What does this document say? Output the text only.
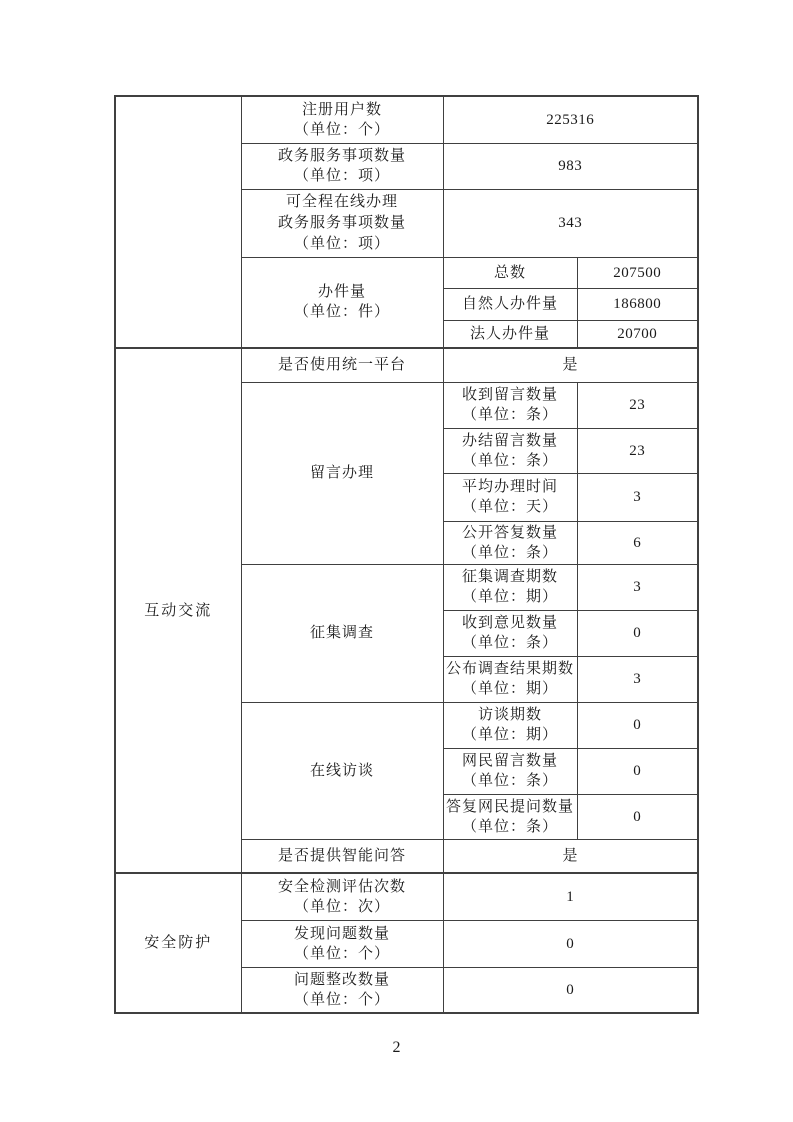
	注册用户数
（单位：个）	225316	

	政务服务事项数量
（单位：项）	983	

	可全程在线办理
政务服务事项数量
（单位：项）	343	

	办件量
（单位：件）	总数	207500
		自然人办件量	186800
		法人办件量	20700
互动交流	是否使用统一平台	是	
	留言办理	收到留言数量
（单位：条）	23

		办结留言数量
（单位：条）	23

		平均办理时间
（单位：天）	3

		公开答复数量
（单位：条）	6
	征集调查	征集调查期数
（单位：期）	3

		收到意见数量
（单位：条）	0

		公布调查结果期数
（单位：期）	3
	在线访谈	访谈期数
（单位：期）	0

		网民留言数量
（单位：条）	0

		答复网民提问数量
（单位：条）	0
	是否提供智能问答	是	
安全防护	安全检测评估次数
（单位：次）	1	

	发现问题数量
（单位：个）	0	

	问题整改数量
（单位：个）	0	
2
